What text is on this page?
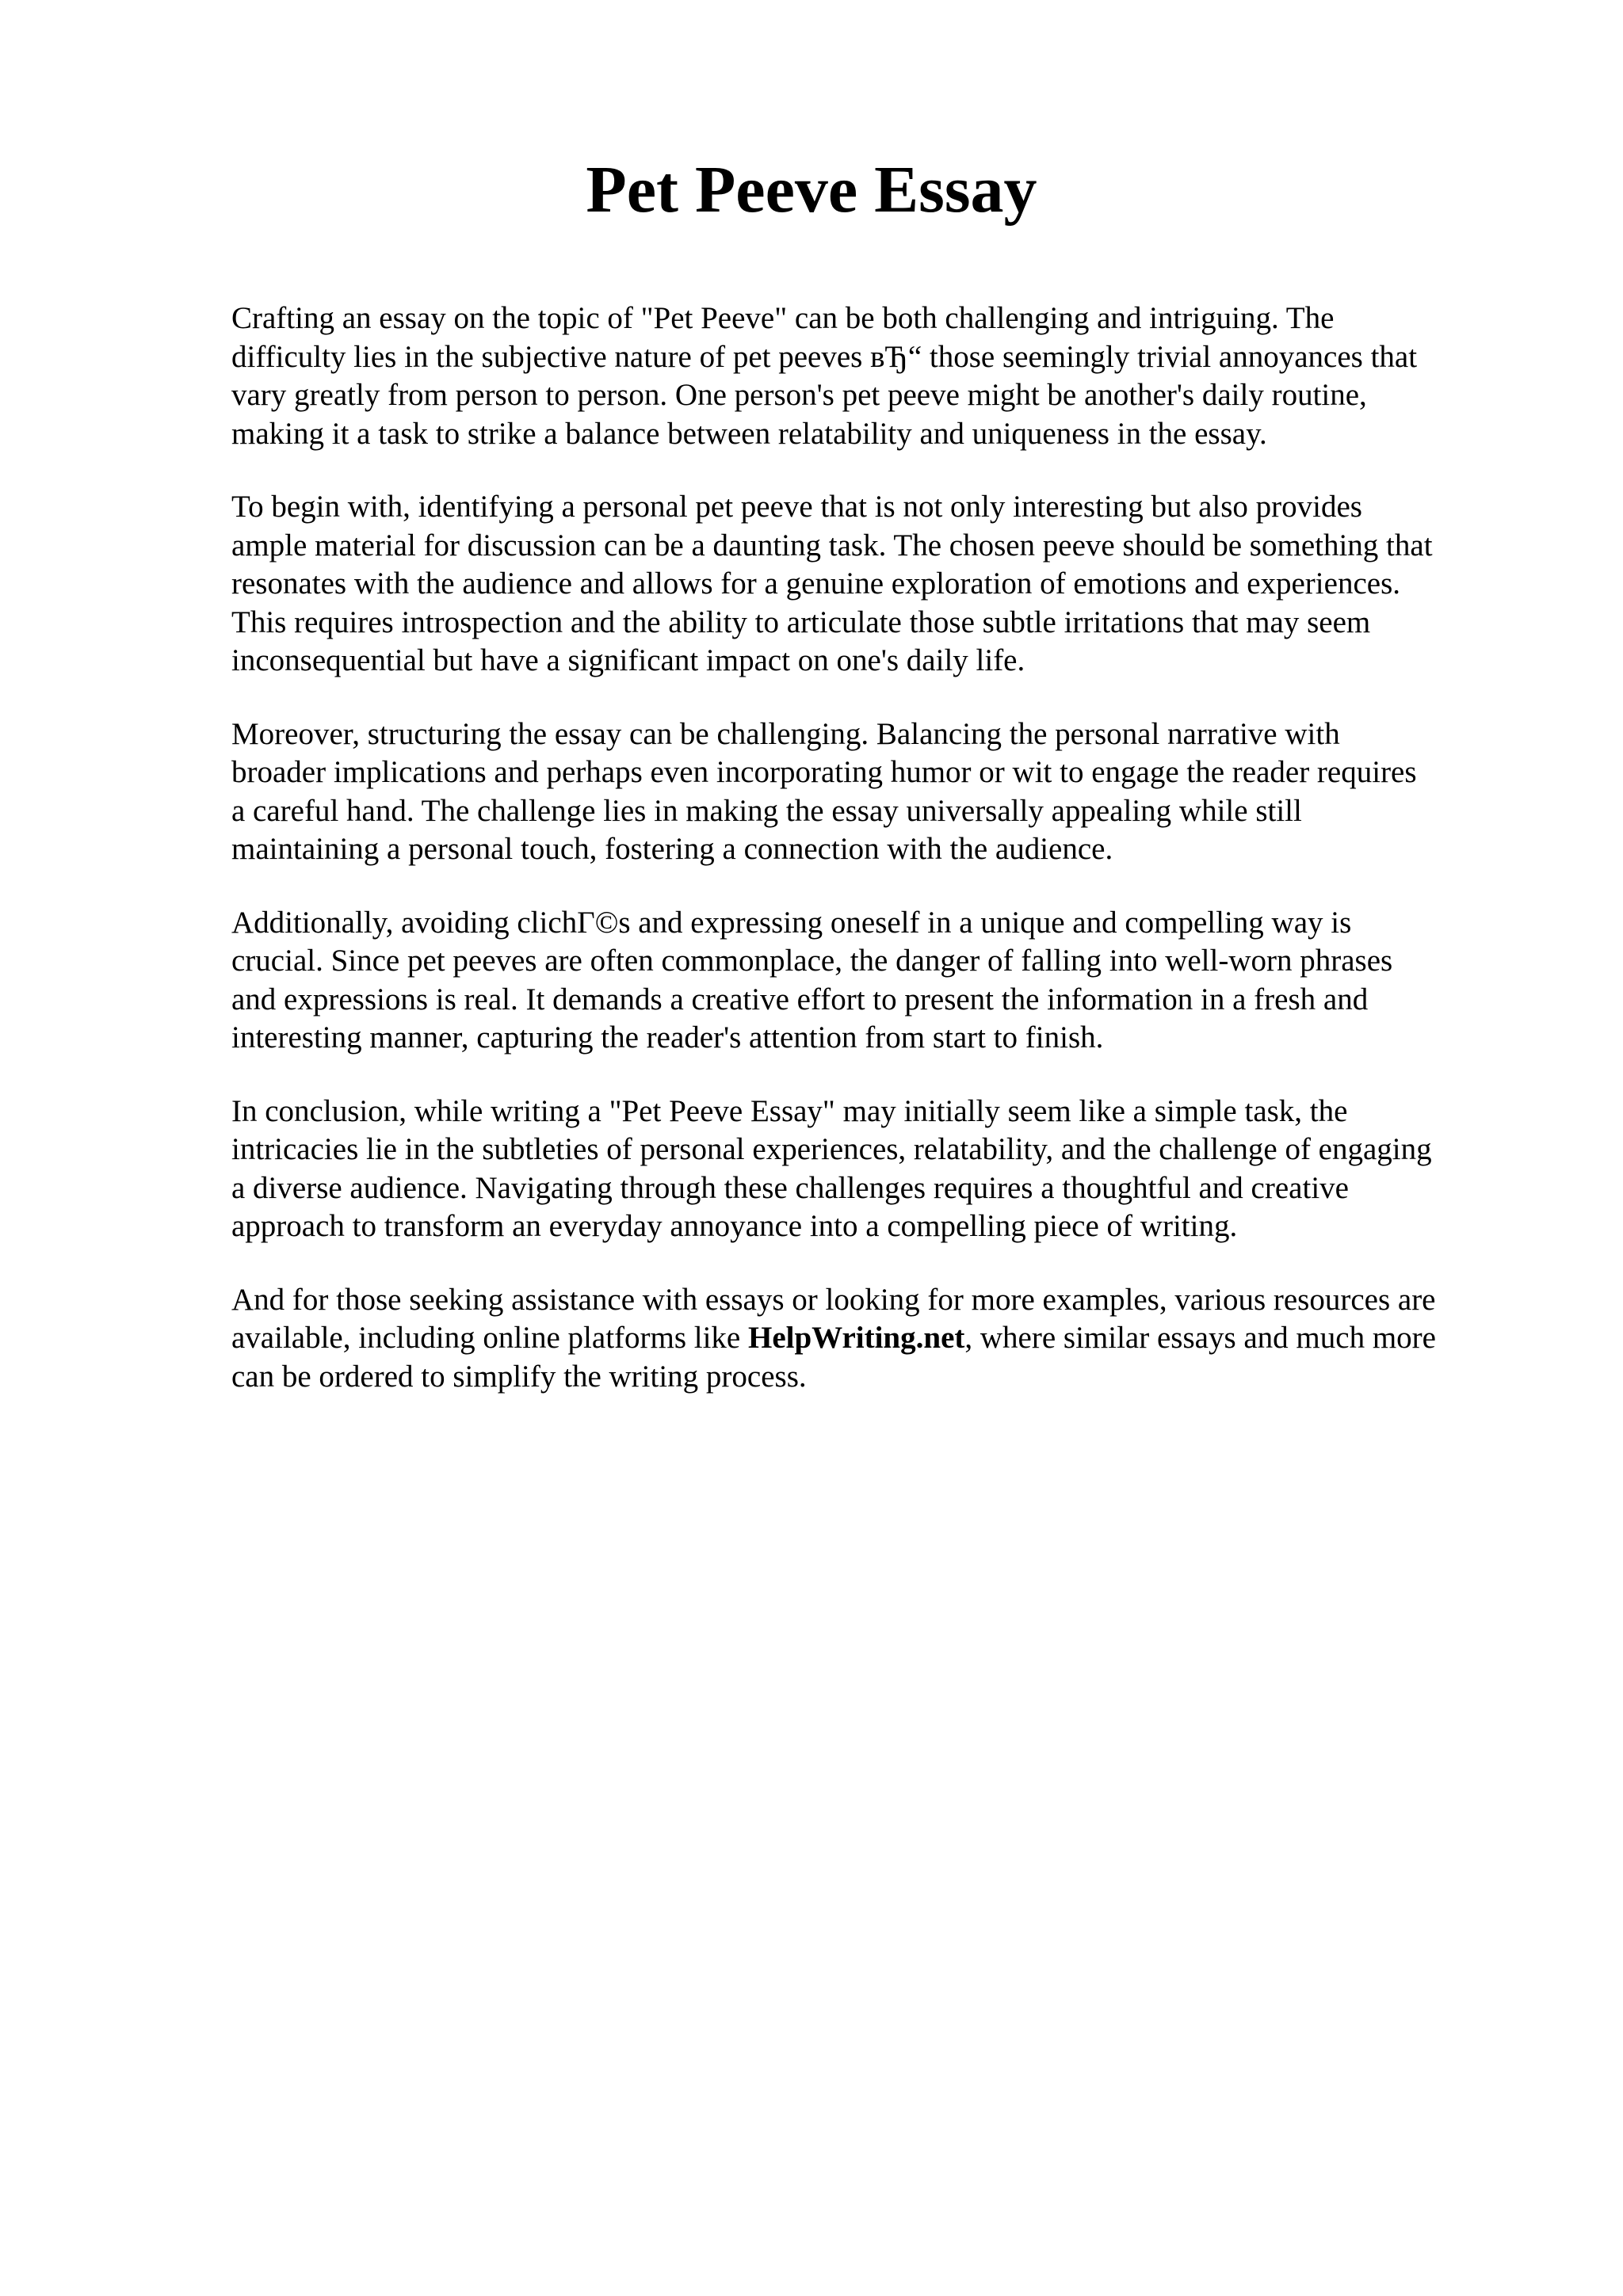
Pet Peeve Essay

Crafting an essay on the topic of "Pet Peeve" can be both challenging and intriguing. The
difficulty lies in the subjective nature of pet peeves вЂ“ those seemingly trivial annoyances that
vary greatly from person to person. One person's pet peeve might be another's daily routine,
making it a task to strike a balance between relatability and uniqueness in the essay.

To begin with, identifying a personal pet peeve that is not only interesting but also provides
ample material for discussion can be a daunting task. The chosen peeve should be something that
resonates with the audience and allows for a genuine exploration of emotions and experiences.
This requires introspection and the ability to articulate those subtle irritations that may seem
inconsequential but have a significant impact on one's daily life.

Moreover, structuring the essay can be challenging. Balancing the personal narrative with
broader implications and perhaps even incorporating humor or wit to engage the reader requires
a careful hand. The challenge lies in making the essay universally appealing while still
maintaining a personal touch, fostering a connection with the audience.

Additionally, avoiding clichГ©s and expressing oneself in a unique and compelling way is
crucial. Since pet peeves are often commonplace, the danger of falling into well-worn phrases
and expressions is real. It demands a creative effort to present the information in a fresh and
interesting manner, capturing the reader's attention from start to finish.

In conclusion, while writing a "Pet Peeve Essay" may initially seem like a simple task, the
intricacies lie in the subtleties of personal experiences, relatability, and the challenge of engaging
a diverse audience. Navigating through these challenges requires a thoughtful and creative
approach to transform an everyday annoyance into a compelling piece of writing.

And for those seeking assistance with essays or looking for more examples, various resources are
available, including online platforms like HelpWriting.net, where similar essays and much more
can be ordered to simplify the writing process.
